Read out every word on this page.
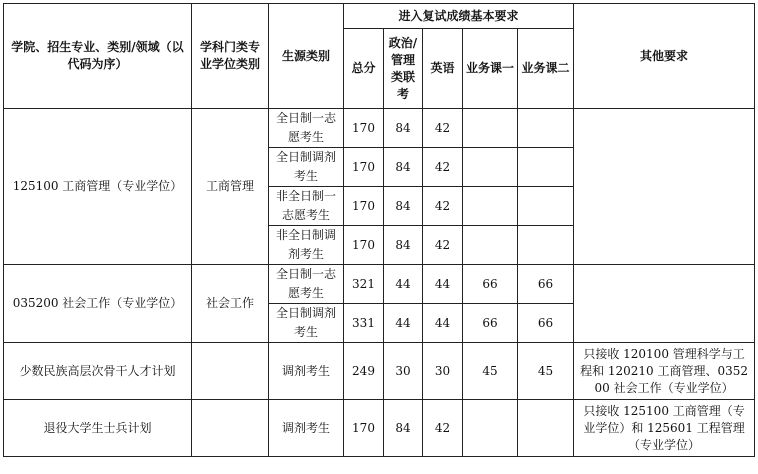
学院、招生专业、类别/领域（以代码为序）	学科门类专业学位类别	生源类别	进入复试成绩基本要求					其他要求
			总分	政治/管理类联考	英语	业务课一	业务课二	
125100 工商管理（专业学位）	工商管理	全日制一志愿考生	170	84	42			
		全日制调剂考生	170	84	42			
		非全日制一志愿考生	170	84	42			
		非全日制调剂考生	170	84	42			
035200 社会工作（专业学位）	社会工作	全日制一志愿考生	321	44	44	66	66	
		全日制调剂考生	331	44	44	66	66	
少数民族高层次骨干人才计划		调剂考生	249	30	30	45	45	只接收 120100 管理科学与工程和 120210 工商管理、035200 社会工作（专业学位）
退役大学生士兵计划		调剂考生	170	84	42			只接收 125100 工商管理（专业学位）和 125601 工程管理（专业学位）
